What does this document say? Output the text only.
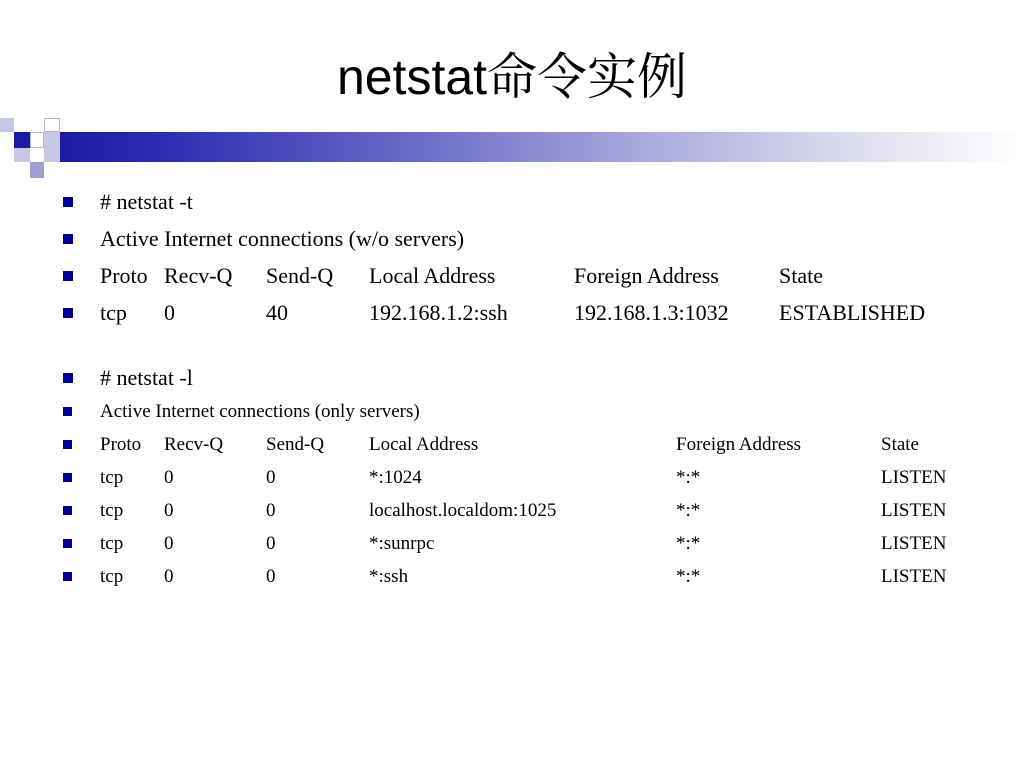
netstat命令实例
# netstat -t
Active Internet connections (w/o servers)
Proto Recv-Q Send-Q Local Address	Foreign Address	State
tcp 0	40	192.168.1.2:ssh	192.168.1.3:1032 ESTABLISHED
# netstat -l
Active Internet connections (only servers)
Proto Recv-Q Send-Q Local Address	Foreign Address	State
tcp 0	0	*:1024	*:*	LISTEN
tcp 0	0	localhost.localdom:1025	*:*	LISTEN
tcp 0	0	*:sunrpc	*:*	LISTEN
tcp 0	0	*:ssh	*:*	LISTEN
